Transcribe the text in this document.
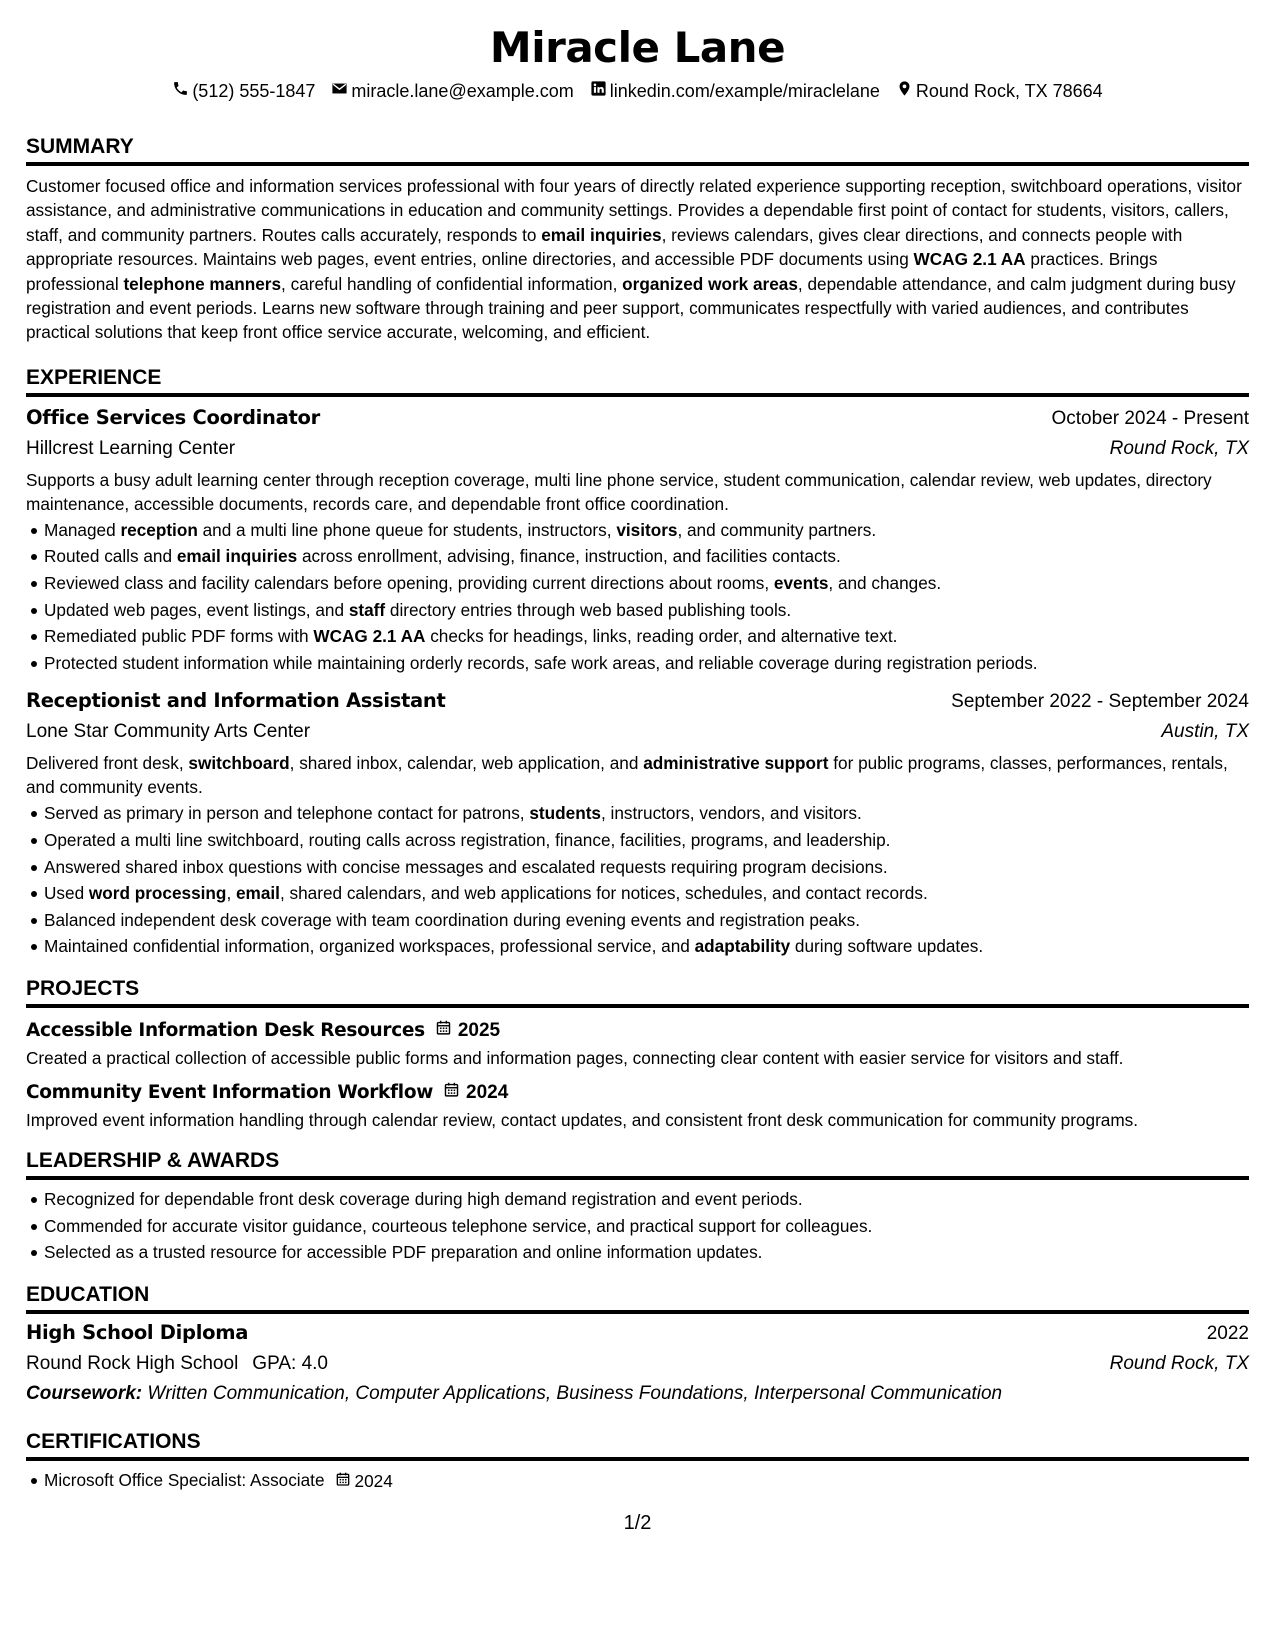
Miracle Lane
(512) 555-1847 miracle.lane@example.com linkedin.com/example/miraclelane Round Rock, TX 78664
SUMMARY

Customer focused office and information services professional with four years of directly related experience supporting reception, switchboard operations, visitor assistance, and administrative communications in education and community settings. Provides a dependable first point of contact for students, visitors, callers, staff, and community partners. Routes calls accurately, responds to email inquiries, reviews calendars, gives clear directions, and connects people with appropriate resources. Maintains web pages, event entries, online directories, and accessible PDF documents using WCAG 2.1 AA practices. Brings professional telephone manners, careful handling of confidential information, organized work areas, dependable attendance, and calm judgment during busy registration and event periods. Learns new software through training and peer support, communicates respectfully with varied audiences, and contributes practical solutions that keep front office service accurate, welcoming, and efficient.

EXPERIENCE
Office Services Coordinator	October 2024 - Present
Hillcrest Learning Center	Round Rock, TX

Supports a busy adult learning center through reception coverage, multi line phone service, student communication, calendar review, web updates, directory maintenance, accessible documents, records care, and dependable front office coordination.

Managed reception and a multi line phone queue for students, instructors, visitors, and community partners.
Routed calls and email inquiries across enrollment, advising, finance, instruction, and facilities contacts.
Reviewed class and facility calendars before opening, providing current directions about rooms, events, and changes.
Updated web pages, event listings, and staff directory entries through web based publishing tools.
Remediated public PDF forms with WCAG 2.1 AA checks for headings, links, reading order, and alternative text.
Protected student information while maintaining orderly records, safe work areas, and reliable coverage during registration periods.
Receptionist and Information Assistant	September 2022 - September 2024
Lone Star Community Arts Center	Austin, TX

Delivered front desk, switchboard, shared inbox, calendar, web application, and administrative support for public programs, classes, performances, rentals, and community events.

Served as primary in person and telephone contact for patrons, students, instructors, vendors, and visitors.
Operated a multi line switchboard, routing calls across registration, finance, facilities, programs, and leadership.
Answered shared inbox questions with concise messages and escalated requests requiring program decisions.
Used word processing, email, shared calendars, and web applications for notices, schedules, and contact records.
Balanced independent desk coverage with team coordination during evening events and registration peaks.
Maintained confidential information, organized workspaces, professional service, and adaptability during software updates.
PROJECTS
Accessible Information Desk Resources 2025

Created a practical collection of accessible public forms and information pages, connecting clear content with easier service for visitors and staff.

Community Event Information Workflow 2024

Improved event information handling through calendar review, contact updates, and consistent front desk communication for community programs.

LEADERSHIP & AWARDS
Recognized for dependable front desk coverage during high demand registration and event periods.
Commended for accurate visitor guidance, courteous telephone service, and practical support for colleagues.
Selected as a trusted resource for accessible PDF preparation and online information updates.
EDUCATION
High School Diploma	2022
Round Rock High School GPA: 4.0	Round Rock, TX
Coursework: Written Communication, Computer Applications, Business Foundations, Interpersonal Communication
CERTIFICATIONS
Microsoft Office Specialist: Associate 2024
1/2
